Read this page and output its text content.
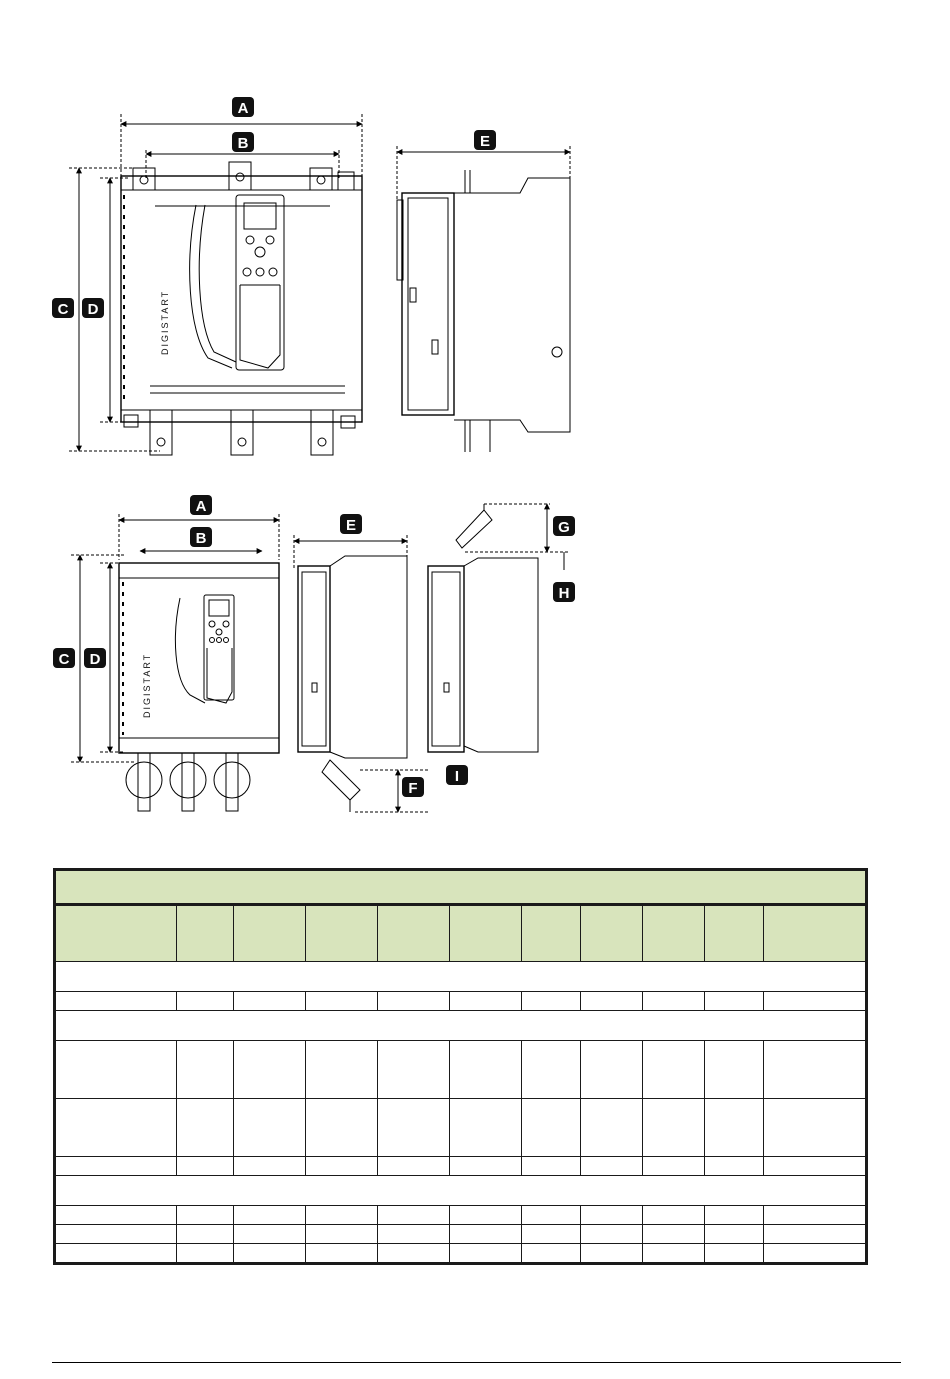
DIGISTART
DIGISTART
A
B
C D
E
A
B
C D
E	G
H
I
F
